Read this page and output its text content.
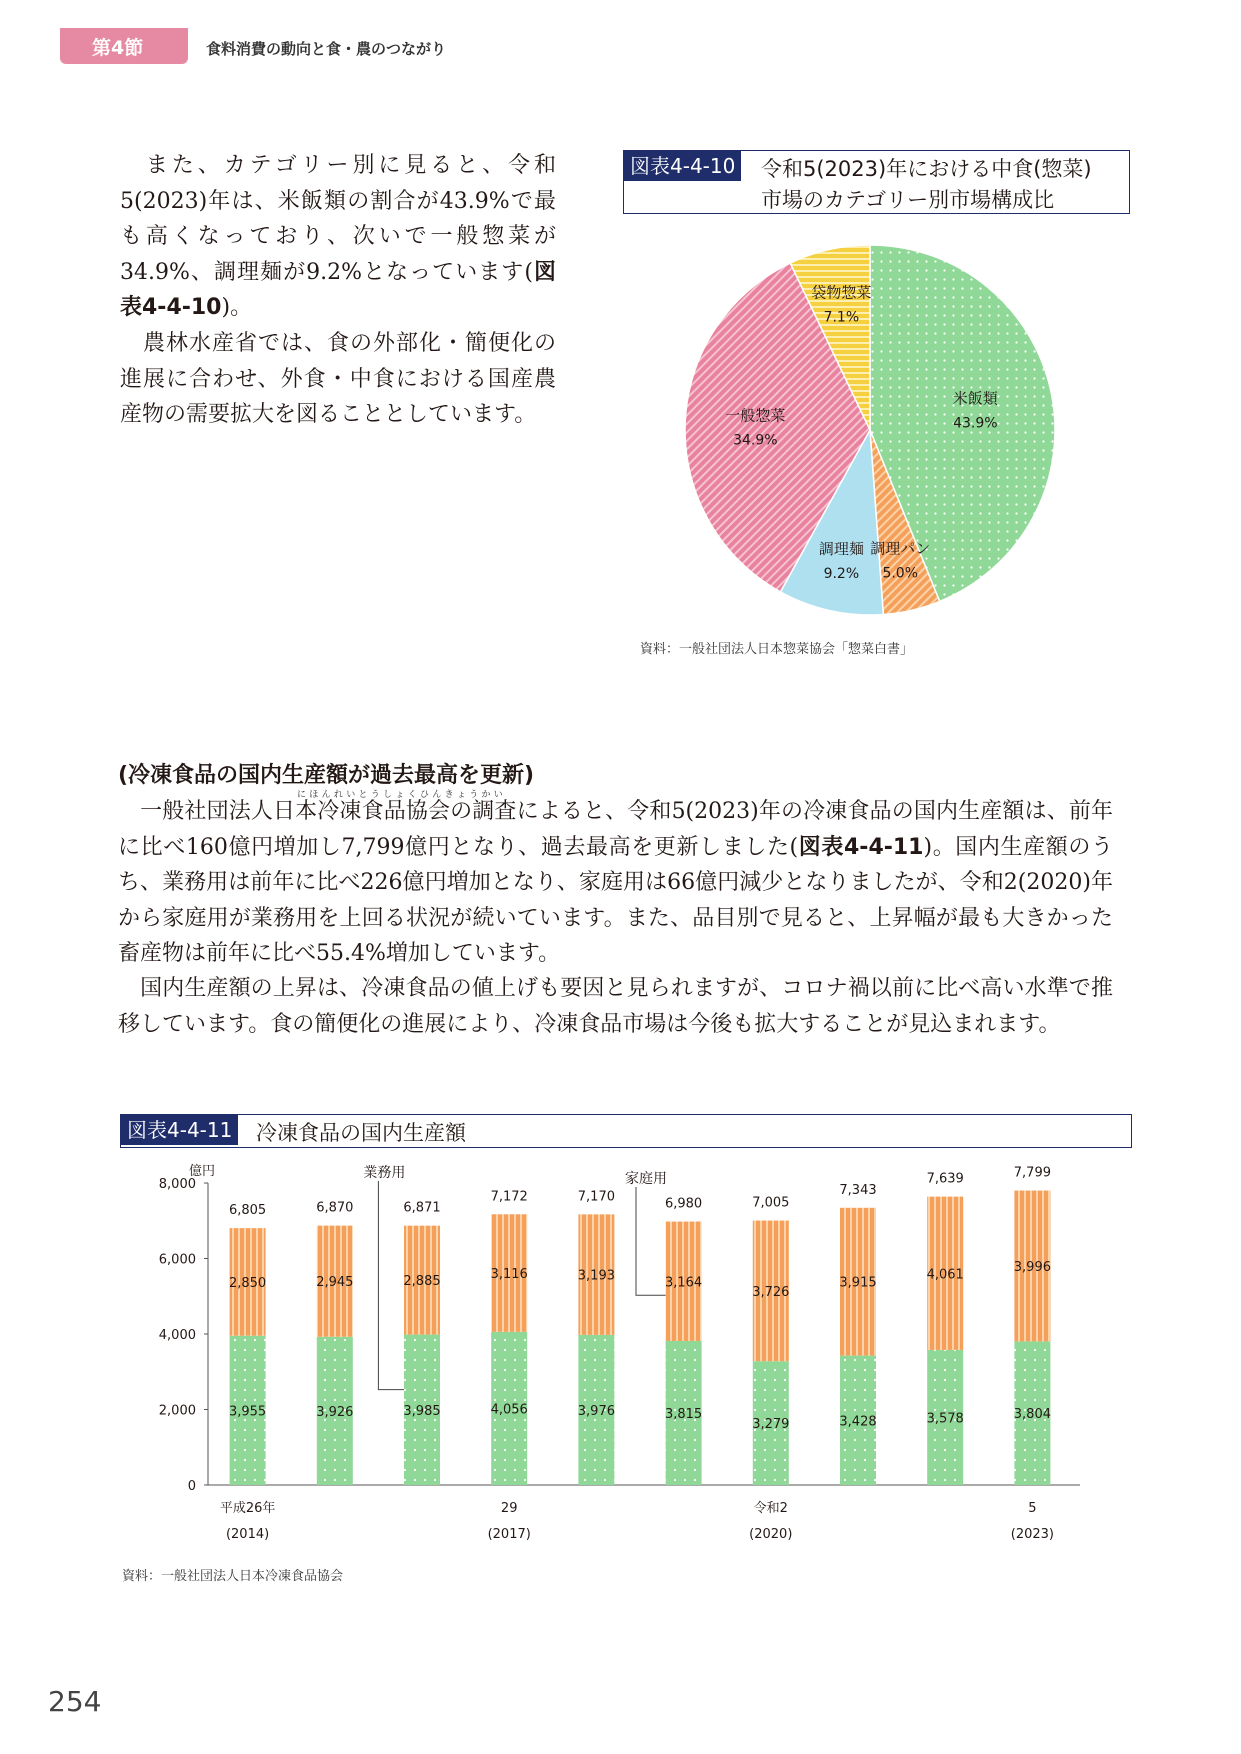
第4節	食料消費の動向と食・農のつながり

　また、カテゴリー別に見ると、令和5(2023)年は、米飯類の割合が43.9%で最も高くなっており、次いで一般惣菜が34.9%、調理麺が9.2%となっています(図表4-4-10)。

　農林水産省では、食の外部化・簡便化の進展に合わせ、外食・中食における国産農産物の需要拡大を図ることとしています。

図表4-4-10 令和5(2023)年における中食(惣菜)
市場のカテゴリー別市場構成比
米飯類
43.9%
調理パン
5.0%
調理麺
9.2%
一般惣菜
34.9%
袋物惣菜
7.1%
資料：一般社団法人日本惣菜協会「惣菜白書」
(冷凍食品の国内生産額が過去最高を更新)
にほんれいとうしょくひんきょうかい

　一般社団法人日本冷凍食品協会の調査によると、令和5(2023)年の冷凍食品の国内生産額は、前年に比べ160億円増加し7,799億円となり、過去最高を更新しました(図表4-4-11)。国内生産額のうち、業務用は前年に比べ226億円増加となり、家庭用は66億円減少となりましたが、令和2(2020)年から家庭用が業務用を上回る状況が続いています。また、品目別で見ると、上昇幅が最も大きかった畜産物は前年に比べ55.4%増加しています。

　国内生産額の上昇は、冷凍食品の値上げも要因と見られますが、コロナ禍以前に比べ高い水準で推移しています。食の簡便化の進展により、冷凍食品市場は今後も拡大することが見込まれます。

図表4-4-11 冷凍食品の国内生産額
0
2,000
4,000
6,000
8,000
億円
平成26年
(2014)
29
(2017)
令和2
(2020)
5
(2023)
3,955
2,850
6,805
3,926
2,945
6,870
3,985
2,885
6,871
4,056
3,116
7,172
3,976
3,193
7,170
3,815
3,164
6,980
3,279
3,726
7,005
3,428
3,915
7,343
3,578
4,061
7,639
3,804
3,996
7,799
業務用	家庭用
資料：一般社団法人日本冷凍食品協会
254
